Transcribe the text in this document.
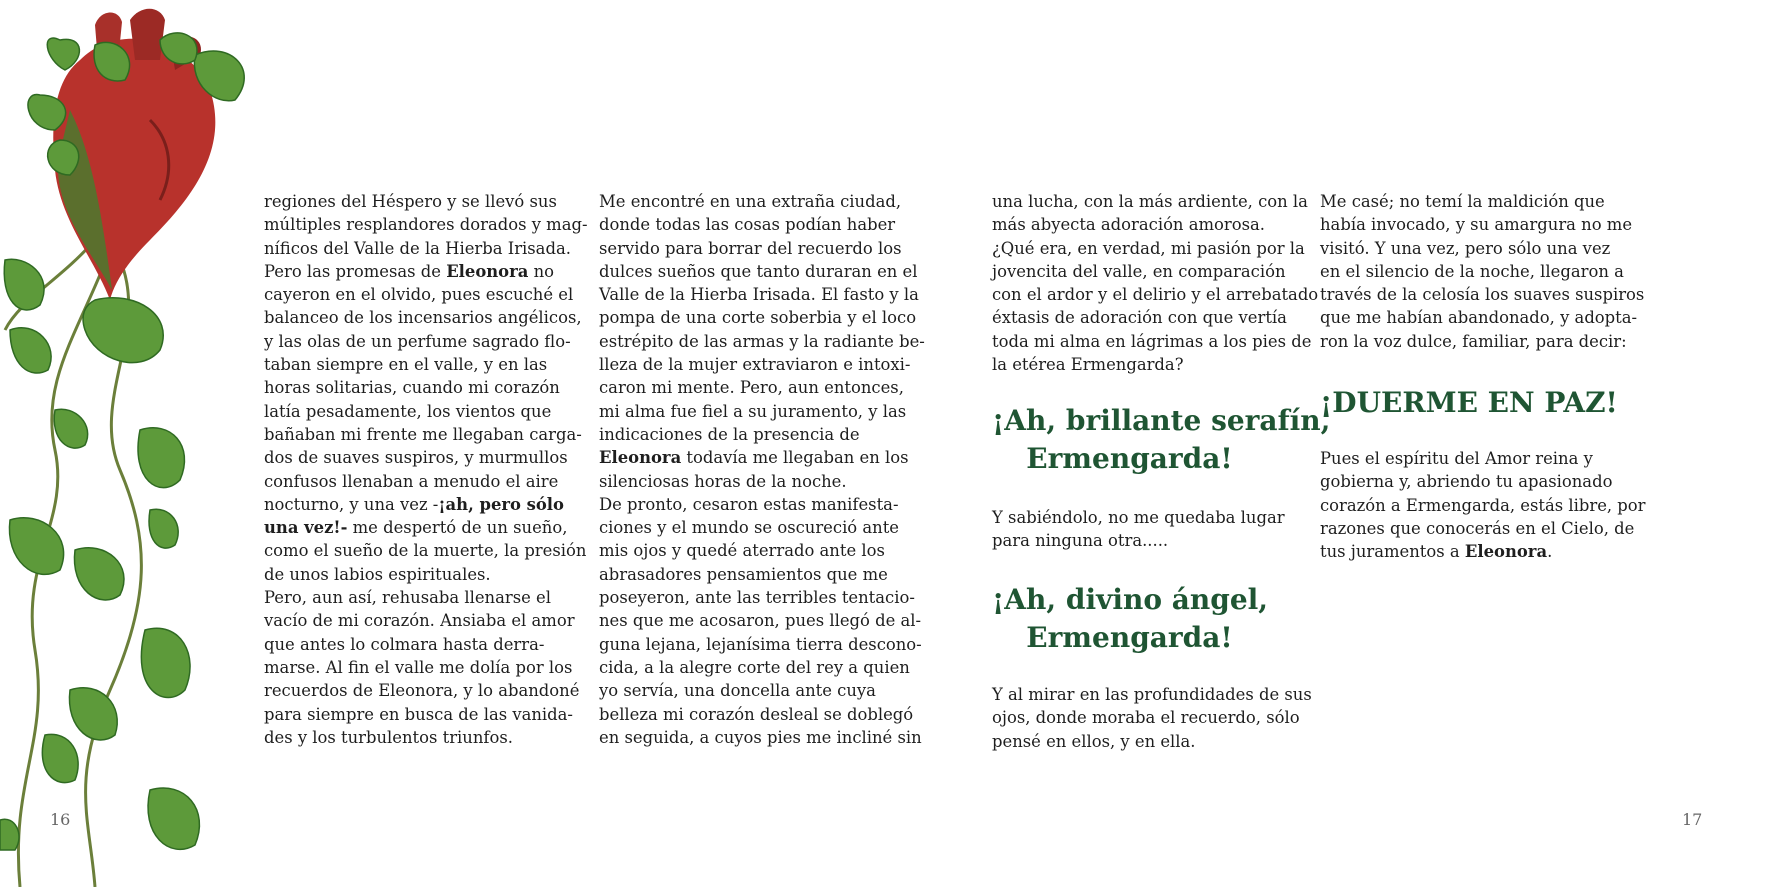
regiones del Héspero y se llevó sus
múltiples resplandores dorados y mag-
níficos del Valle de la Hierba Irisada.
Pero las promesas de Eleonora no
cayeron en el olvido, pues escuché el
balanceo de los incensarios angélicos,
y las olas de un perfume sagrado flo-
taban siempre en el valle, y en las
horas solitarias, cuando mi corazón
latía pesadamente, los vientos que
bañaban mi frente me llegaban carga-
dos de suaves suspiros, y murmullos
confusos llenaban a menudo el aire
nocturno, y una vez -¡ah, pero sólo
una vez!- me despertó de un sueño,
como el sueño de la muerte, la presión
de unos labios espirituales.
Pero, aun así, rehusaba llenarse el
vacío de mi corazón. Ansiaba el amor
que antes lo colmara hasta derra-
marse. Al fin el valle me dolía por los
recuerdos de Eleonora, y lo abandoné
para siempre en busca de las vanida-
des y los turbulentos triunfos.
Me encontré en una extraña ciudad,
donde todas las cosas podían haber
servido para borrar del recuerdo los
dulces sueños que tanto duraran en el
Valle de la Hierba Irisada. El fasto y la
pompa de una corte soberbia y el loco
estrépito de las armas y la radiante be-
lleza de la mujer extraviaron e intoxi-
caron mi mente. Pero, aun entonces,
mi alma fue fiel a su juramento, y las
indicaciones de la presencia de
Eleonora todavía me llegaban en los
silenciosas horas de la noche.
De pronto, cesaron estas manifesta-
ciones y el mundo se oscureció ante
mis ojos y quedé aterrado ante los
abrasadores pensamientos que me
poseyeron, ante las terribles tentacio-
nes que me acosaron, pues llegó de al-
guna lejana, lejanísima tierra descono-
cida, a la alegre corte del rey a quien
yo servía, una doncella ante cuya
belleza mi corazón desleal se doblegó
en seguida, a cuyos pies me incliné sin
16
una lucha, con la más ardiente, con la
más abyecta adoración amorosa.
¿Qué era, en verdad, mi pasión por la
jovencita del valle, en comparación
con el ardor y el delirio y el arrebatado
éxtasis de adoración con que vertía
toda mi alma en lágrimas a los pies de
la etérea Ermengarda?
¡Ah, brillante serafín,
Ermengarda!
Y sabiéndolo, no me quedaba lugar
para ninguna otra.....
¡Ah, divino ángel,
Ermengarda!
Y al mirar en las profundidades de sus
ojos, donde moraba el recuerdo, sólo
pensé en ellos, y en ella.
Me casé; no temí la maldición que
había invocado, y su amargura no me
visitó. Y una vez, pero sólo una vez
en el silencio de la noche, llegaron a
través de la celosía los suaves suspiros
que me habían abandonado, y adopta-
ron la voz dulce, familiar, para decir:
¡DUERME EN PAZ!
Pues el espíritu del Amor reina y
gobierna y, abriendo tu apasionado
corazón a Ermengarda, estás libre, por
razones que conocerás en el Cielo, de
tus juramentos a Eleonora.
17
